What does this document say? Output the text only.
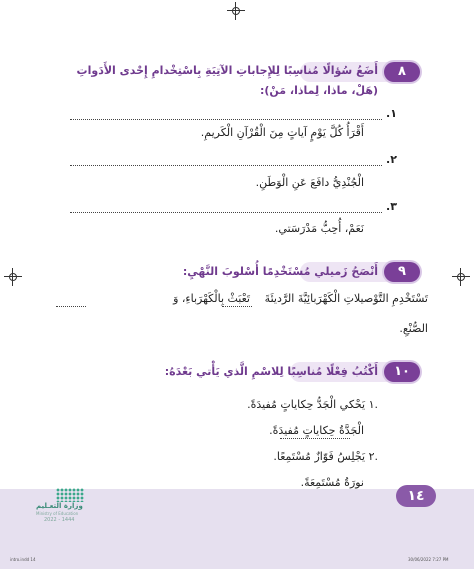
٨
أَضَعُ سُؤالًا مُناسِبًا لِلإِجاباتِ الآتِيَةِ بِاسْتِخْدامِ إِحْدى الأَدَواتِ
(هَلْ، ماذا، لِماذا، مَنْ):
.١
أَقْرَأُ كُلَّ يَوْمٍ آياتٍ مِنَ الْقُرْآنِ الْكَريمِ.
.٢
الْجُنْدِيُّ دافَعَ عَنِ الْوَطَنِ.
.٣
نَعَمْ، أُحِبُّ مَدْرَسَتي.
٩
أَنْصَحُ زَميلي مُسْتَخْدِمًا أُسْلوبَ النَّهْيِ:
تَسْتَخْدِمِ التَّوْصيلاتِ الْكَهْرَبائِيَّةَ الرَّديئَةَ
تَعْبَثْ بِالْكَهْرَباءِ، وَ
الصُّنْعِ.
١٠
أَكْتُبُ فِعْلًا مُناسِبًا لِلاسْمِ الَّذي يَأْتي بَعْدَهُ:
.١ يَحْكي الْجَدُّ حِكاياتٍ مُفيدَةً.
الْجَدَّةُ حِكاياتٍ مُفيدَةً.
.٢ يَجْلِسُ فَوّازٌ مُسْتَمِعًا.
نورَةُ مُسْتَمِعَةً.
١٤
وزارة التعـليم
Ministry of Education
2022 - 1444
intro.indd 14	30/06/2022 7:27 PM
